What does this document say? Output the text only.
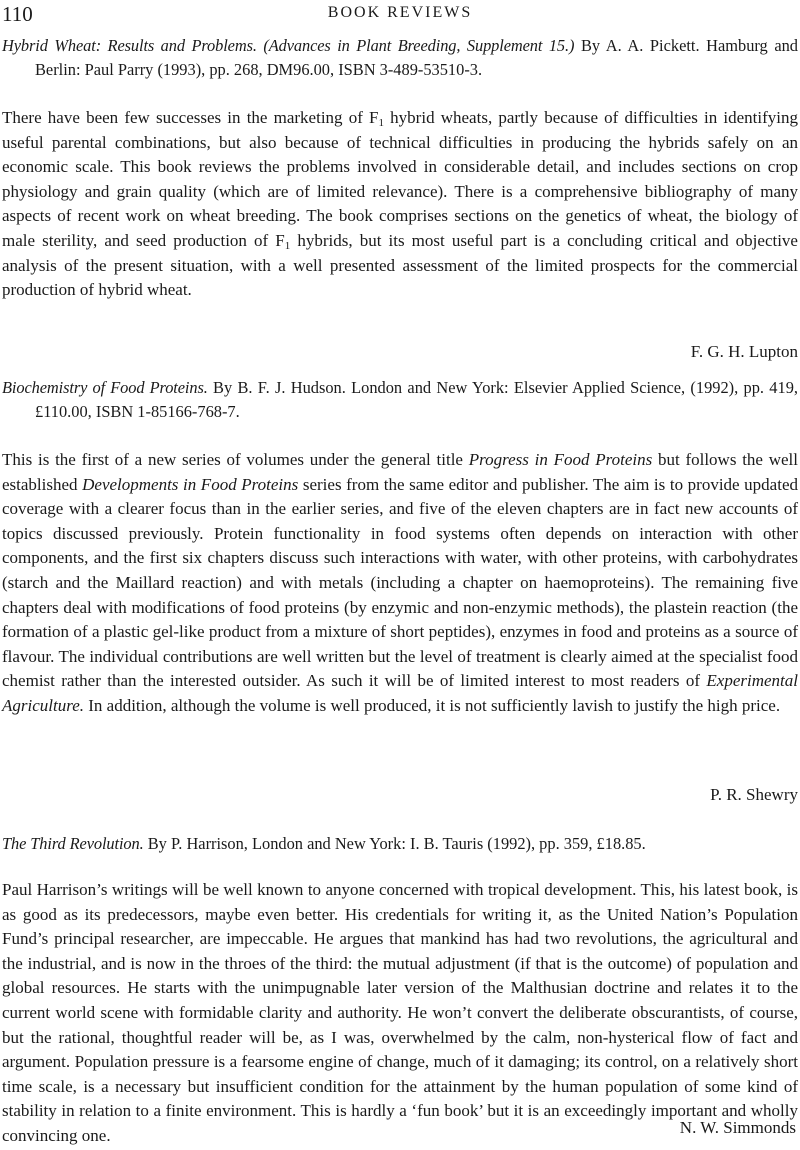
110	BOOK REVIEWS
Hybrid Wheat: Results and Problems. (Advances in Plant Breeding, Supplement 15.) By A. A. Pickett. Hamburg and Berlin: Paul Parry (1993), pp. 268, DM96.00, ISBN 3-489-53510-3.

There have been few successes in the marketing of $F_1$ hybrid wheats, partly because of difficulties in identifying useful parental combinations, but also because of technical difficulties in producing the hybrids safely on an economic scale. This book reviews the problems involved in considerable detail, and includes sections on crop physiology and grain quality (which are of limited relevance). There is a comprehensive bibliography of many aspects of recent work on wheat breeding. The book comprises sections on the genetics of wheat, the biology of male sterility, and seed production of $F_1$ hybrids, but its most useful part is a concluding critical and objective analysis of the present situation, with a well presented assessment of the limited prospects for the commercial production of hybrid wheat.

F. G. H. Lupton
Biochemistry of Food Proteins. By B. F. J. Hudson. London and New York: Elsevier Applied Science, (1992), pp. 419, £110.00, ISBN 1-85166-768-7.

This is the first of a new series of volumes under the general title Progress in Food Proteins but follows the well established Developments in Food Proteins series from the same editor and publisher. The aim is to provide updated coverage with a clearer focus than in the earlier series, and five of the eleven chapters are in fact new accounts of topics discussed previously. Protein functionality in food systems often depends on interaction with other components, and the first six chapters discuss such interactions with water, with other proteins, with carbohydrates (starch and the Maillard reaction) and with metals (including a chapter on haemoproteins). The remaining five chapters deal with modifications of food proteins (by enzymic and non-enzymic methods), the plastein reaction (the formation of a plastic gel-like product from a mixture of short peptides), enzymes in food and proteins as a source of flavour. The individual contributions are well written but the level of treatment is clearly aimed at the specialist food chemist rather than the interested outsider. As such it will be of limited interest to most readers of Experimental Agriculture. In addition, although the volume is well produced, it is not sufficiently lavish to justify the high price.

P. R. Shewry
The Third Revolution. By P. Harrison, London and New York: I. B. Tauris (1992), pp. 359, £18.85.

Paul Harrison’s writings will be well known to anyone concerned with tropical development. This, his latest book, is as good as its predecessors, maybe even better. His credentials for writing it, as the United Nation’s Population Fund’s principal researcher, are impeccable. He argues that mankind has had two revolutions, the agricultural and the industrial, and is now in the throes of the third: the mutual adjustment (if that is the outcome) of population and global resources. He starts with the unimpugnable later version of the Malthusian doctrine and relates it to the current world scene with formidable clarity and authority. He won’t convert the deliberate obscurantists, of course, but the rational, thoughtful reader will be, as I was, overwhelmed by the calm, non-hysterical flow of fact and argument. Population pressure is a fearsome engine of change, much of it damaging; its control, on a relatively short time scale, is a necessary but insufficient condition for the attainment by the human population of some kind of stability in relation to a finite environment. This is hardly a ‘fun book’ but it is an exceedingly important and wholly convincing one.	N. W. Simmonds
